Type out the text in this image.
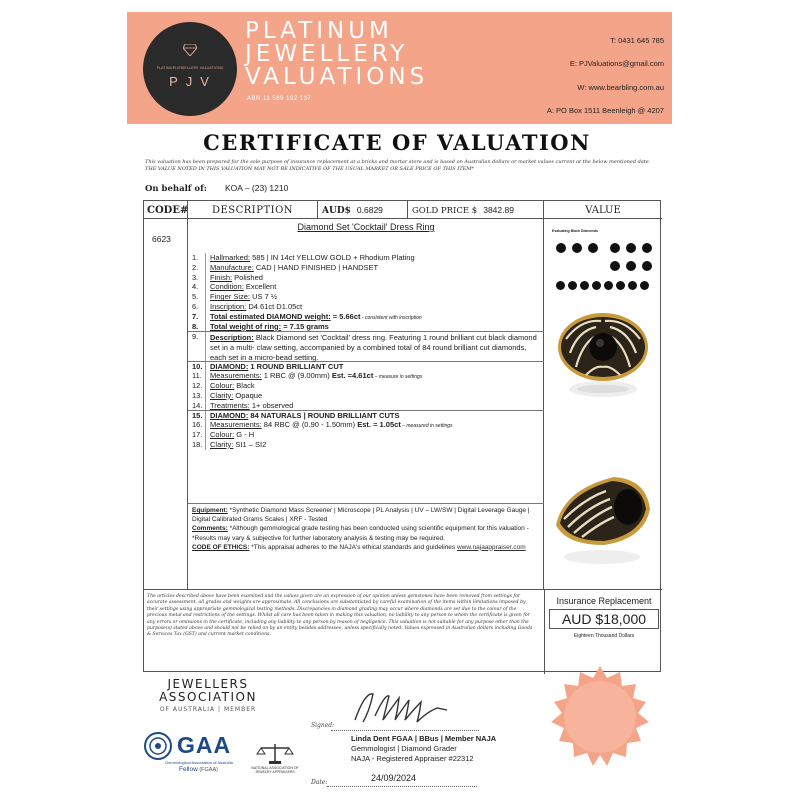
PLATINUM JEWELLERY VALUATIONS
PJV
PLATINUM
JEWELLERY
VALUATIONS
ABN 11 589 102 137
T: 0431 645 785
E: PJValuations@gmail.com
W: www.bearbling.com.au
A: PO Box 1511 Beenleigh @ 4207
CERTIFICATE OF VALUATION
This valuation has been prepared for the sole purpose of insurance replacement at a bricks and mortar store and is based on Australian dollars or market values current at the below mentioned date.
THE VALUE NOTED IN THIS VALUATION MAY NOT BE INDICATIVE OF THE USUAL MARKET OR SALE PRICE OF THIS ITEM*
On behalf of: KOA – (23) 1210
CODE#	DESCRIPTION	AUD$ 0.6829	GOLD PRICE $ 3842.89	VALUE
6623
Diamond Set 'Cocktail' Dress Ring
1.	Hallmarked: 585 | IN 14ct YELLOW GOLD + Rhodium Plating
2.	Manufacture: CAD | HAND FINISHED | HANDSET
3.	Finish: Polished
4.	Condition: Excellent
5.	Finger Size: US 7 ½
6.	Inscription: D4.61ct D1.05ct
7.	Total estimated DIAMOND weight: = 5.66ct - consistent with inscription
8.	Total weight of ring: = 7.15 grams
9.	Description: Black Diamond set 'Cocktail' dress ring. Featuring 1 round brilliant cut black diamond set in a multi- claw setting, accompanied by a combined total of 84 round brilliant cut diamonds, each set in a micro-bead setting.
10.	DIAMOND: 1 ROUND BRILLIANT CUT
11.	Measurements: 1 RBC @ (9.00mm) Est. =4.61ct – measure in settings
12.	Colour: Black
13.	Clarity: Opaque
14.	Treatments: 1+ observed
15.	DIAMOND: 84 NATURALS | ROUND BRILLIANT CUTS
16.	Measurements: 84 RBC @ (0.90 - 1.50mm) Est. = 1.05ct – measured in settings
17.	Colour: G - H
18.	Clarity: SI1 – SI2
Equipment: *Synthetic Diamond Mass Screener | Microscope | PL Analysis | UV – LW/SW | Digital Leverage Gauge | Digital Calibrated Grams Scales | XRF - Tested
Comments: *Although gemmological grade testing has been conducted using scientific equipment for this valuation - *Results may vary & subjective for further laboratory analysis & testing may be required.
CODE OF ETHICS: *This appraisal adheres to the NAJA's ethical standards and guidelines www.najaappraiser.com
Evaluating Black Diamonds
The articles described above have been examined and the values given are an expression of our opinion unless gemstones have been removed from settings for accurate assessment, all grades and weights are approximate. All conclusions are substantiated by careful examination of the items within limitations imposed by their settings using appropriate gemmological testing methods. Discrepancies in diamond grading may occur where diamonds are set due to the colour of the precious metal and restrictions of the settings. Whilst all care has been taken in making this valuation, no liability to any person to whom the certificate is given for any errors or omissions in the certificate, including any liability to any person by reason of negligence. This valuation is not suitable for any purpose other than the purpose(s) stated above and should not be relied on by an entity besides addressee, unless specifically noted. Values expressed in Australian dollars including Goods & Services Tax (GST) and current market conditions.
Insurance Replacement
AUD $18,000
Eighteen Thousand Dollars
JEWELLERS
ASSOCIATION
OF AUSTRALIA | MEMBER
GAA
Gemmological Association of Australia
Fellow (FGAA)	NATIONAL ASSOCIATION OF JEWELRY APPRAISERS
Signed:
Linda Dent FGAA | BBus | Member NAJA
Gemmologist | Diamond Grader
NAJA - Registered Appraiser #22312
Date:	24/09/2024
